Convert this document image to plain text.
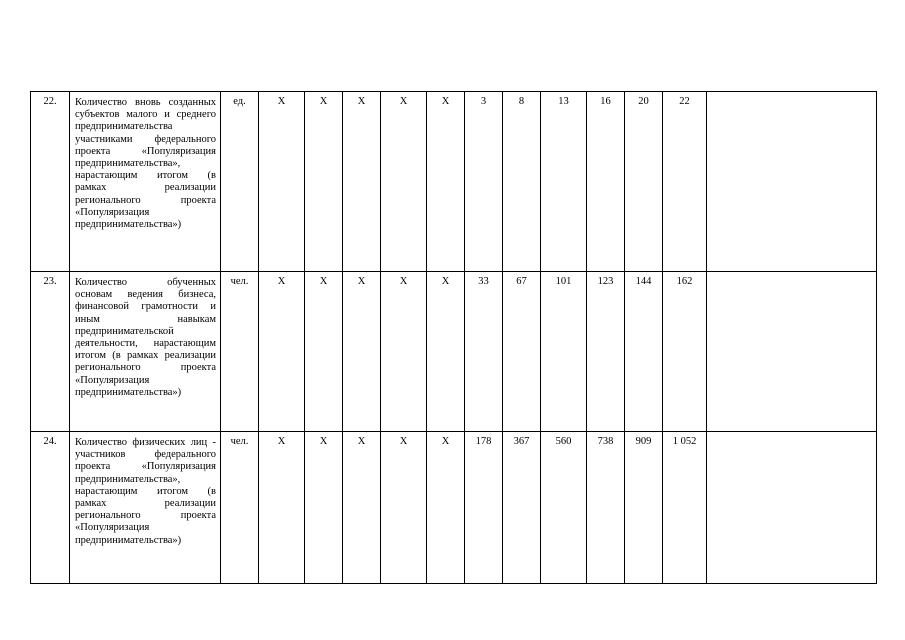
22.	Количество вновь созданных субъектов малого и среднего предпринимательства участниками федерального проекта «Популяризация предпринимательства», нарастающим итогом (в рамках реализации регионального проекта «Популяризация предпринимательства»)	ед.	Х	Х	Х	Х	Х	3	8	13	16	20	22	
23.	Количество обученных основам ведения бизнеса, финансовой грамотности и иным навыкам предпринимательской деятельности, нарастающим итогом (в рамках реализации регионального проекта «Популяризация предпринимательства»)	чел.	Х	Х	Х	Х	Х	33	67	101	123	144	162	
24.	Количество физических лиц - участников федерального проекта «Популяризация предпринимательства», нарастающим итогом (в рамках реализации регионального проекта «Популяризация предпринимательства»)	чел.	Х	Х	Х	Х	Х	178	367	560	738	909	1 052	
